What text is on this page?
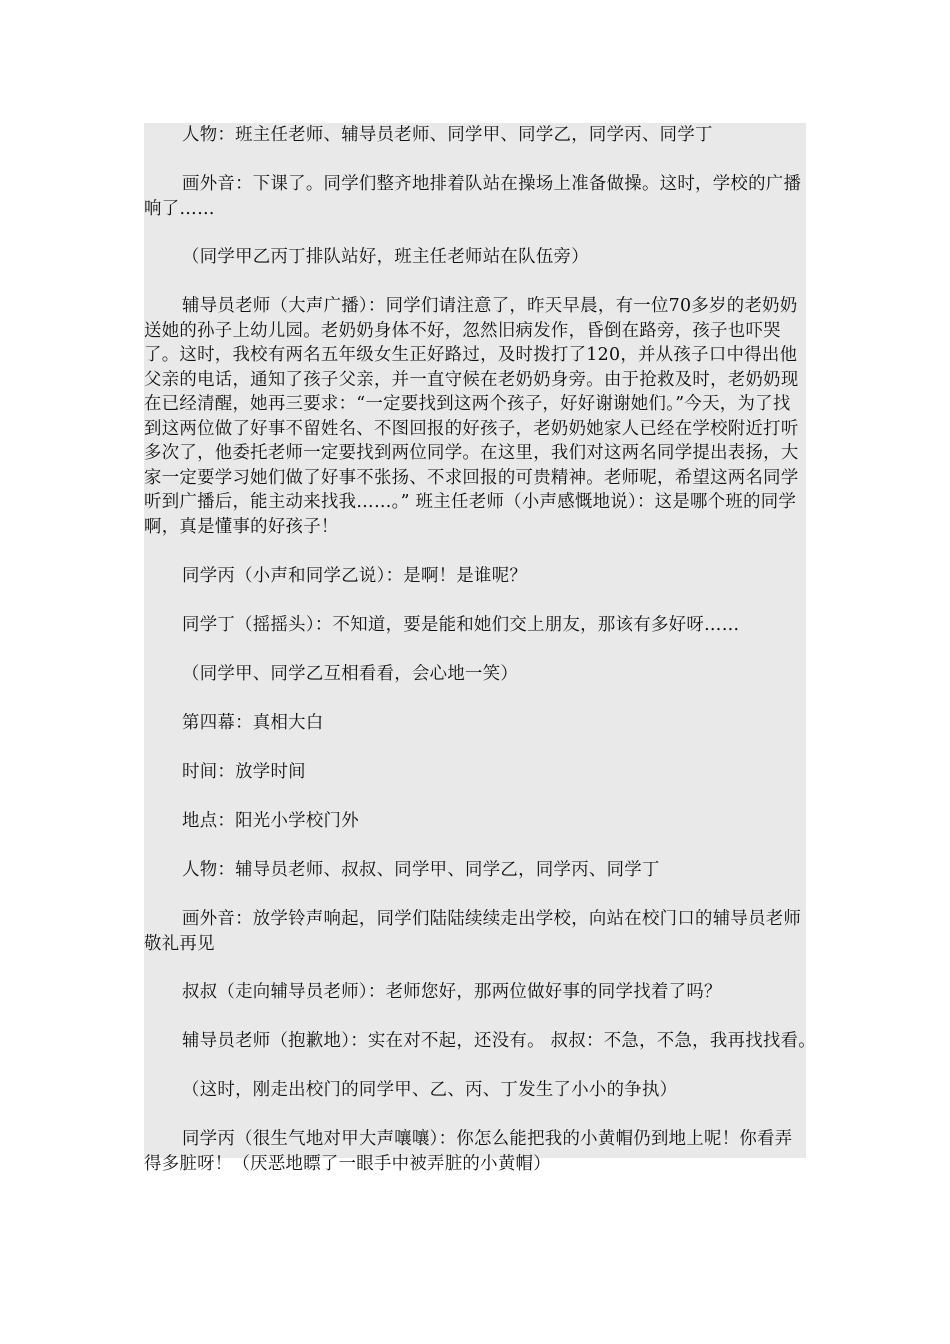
人物：班主任老师、辅导员老师、同学甲、同学乙，同学丙、同学丁

画外音：下课了。同学们整齐地排着队站在操场上准备做操。这时，学校的广播响了……

（同学甲乙丙丁排队站好，班主任老师站在队伍旁）

辅导员老师（大声广播）：同学们请注意了，昨天早晨，有一位70多岁的老奶奶送她的孙子上幼儿园。老奶奶身体不好，忽然旧病发作，昏倒在路旁，孩子也吓哭了。这时，我校有两名五年级女生正好路过，及时拨打了120，并从孩子口中得出他父亲的电话，通知了孩子父亲，并一直守候在老奶奶身旁。由于抢救及时，老奶奶现在已经清醒，她再三要求：“一定要找到这两个孩子，好好谢谢她们。”今天，为了找到这两位做了好事不留姓名、不图回报的好孩子，老奶奶她家人已经在学校附近打听多次了，他委托老师一定要找到两位同学。在这里，我们对这两名同学提出表扬，大家一定要学习她们做了好事不张扬、不求回报的可贵精神。老师呢，希望这两名同学听到广播后，能主动来找我……。” 班主任老师（小声感慨地说）：这是哪个班的同学啊，真是懂事的好孩子！

同学丙（小声和同学乙说）：是啊！是谁呢？

同学丁（摇摇头）：不知道，要是能和她们交上朋友，那该有多好呀……

（同学甲、同学乙互相看看，会心地一笑）

第四幕：真相大白

时间：放学时间

地点：阳光小学校门外

人物：辅导员老师、叔叔、同学甲、同学乙，同学丙、同学丁

画外音：放学铃声响起，同学们陆陆续续走出学校，向站在校门口的辅导员老师敬礼再见

叔叔（走向辅导员老师）：老师您好，那两位做好事的同学找着了吗？

辅导员老师（抱歉地）：实在对不起，还没有。 叔叔：不急，不急，我再找找看。

（这时，刚走出校门的同学甲、乙、丙、丁发生了小小的争执）

同学丙（很生气地对甲大声嚷嚷）：你怎么能把我的小黄帽仍到地上呢！你看弄得多脏呀！（厌恶地瞟了一眼手中被弄脏的小黄帽）
